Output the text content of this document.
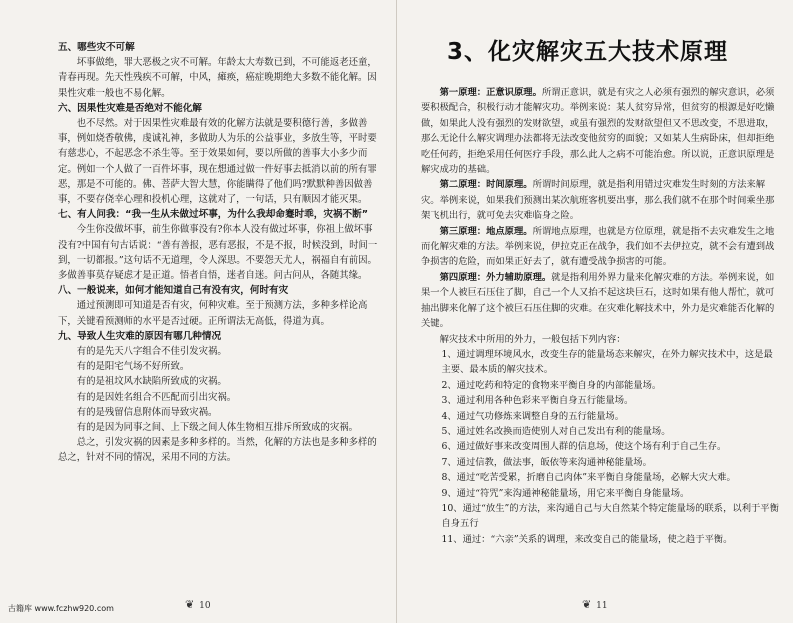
五、哪些灾不可解

坏事做绝，罪大恶极之灾不可解。年龄太大寿数已到，不可能返老还童，青春再现。先天性残疾不可解，中风，瘫痪，癌症晚期绝大多数不能化解。因果性灾难一般也不易化解。

六、因果性灾难是否绝对不能化解

也不尽然。对于因果性灾难最有效的化解方法就是要积德行善，多做善事，例如烧香敬佛，虔诚礼神，多做助人为乐的公益事业，多放生等，平时要有慈悲心，不起恶念不杀生等。至于效果如何，要以所做的善事大小多少而定。例如一个人做了一百件坏事，现在想通过做一件好事去抵消以前的所有罪恶，那是不可能的。佛、菩萨大智大慧，你能瞒得了他们吗?默默种善因做善事，不要存侥幸心理和投机心理，这就对了，一句话，只有顺因才能灭果。

七、有人问我：“我一生从未做过坏事，为什么我却命蹇时乖，灾祸不断”

今生你没做坏事，前生你做事没有?你本人没有做过坏事，你祖上做坏事没有?中国有句古话说：“善有善报，恶有恶报，不是不报，时候没到，时间一到，一切都报。”这句话不无道理，令人深思。不要怨天尤人，祸福自有前因。多做善事莫存疑虑才是正道。悟者自悟，迷者自迷。问古问从，各随其缘。

八、一般说来，如何才能知道自己有没有灾，何时有灾

通过预测即可知道是否有灾，何种灾难。至于预测方法，多种多样论高下，关键看预测师的水平是否过硬。正所谓法无高低，得道为真。

九、导致人生灾难的原因有哪几种情况

有的是先天八字组合不佳引发灾祸。

有的是阳宅气场不好所致。

有的是祖坟风水缺陷所致成的灾祸。

有的是因姓名组合不匹配而引出灾祸。

有的是残留信息附体而导致灾祸。

有的是因为同事之间、上下级之间人体生物相互排斥所致成的灾祸。

总之，引发灾祸的因素是多种多样的。当然，化解的方法也是多种多样的总之，针对不同的情况，采用不同的方法。

古籍库 www.fczhw920.com	❦ 10
3、化灾解灾五大技术原理

第一原理：正意识原理。所谓正意识，就是有灾之人必须有强烈的解灾意识，必须要积极配合，积极行动才能解灾功。举例来说：某人贫穷异常，但贫穷的根源是好吃懒做，如果此人没有强烈的发财欲望，或虽有强烈的发财欲望但又不思改变，不思进取，那么无论什么解灾调理办法都将无法改变他贫穷的面貌；又如某人生病卧床，但却拒绝吃任何药，拒绝采用任何医疗手段，那么此人之病不可能治愈。所以说，正意识原理是解灾成功的基础。

第二原理：时间原理。所谓时间原理，就是指利用错过灾难发生时刻的方法来解灾。举例来说，如果我们预测出某次航班客机要出事，那么我们就不在那个时间乘坐那架飞机出行，就可免去灾难临身之险。

第三原理：地点原理。所谓地点原理，也就是方位原理，就是指不去灾难发生之地而化解灾难的方法。举例来说，伊拉克正在战争，我们如不去伊拉克，就不会有遭到战争损害的危险，而如果正好去了，就有遭受战争损害的可能。

第四原理：外力辅助原理。就是指利用外界力量来化解灾难的方法。举例来说，如果一个人被巨石压住了脚，自己一个人又抬不起这块巨石，这时如果有他人帮忙，就可抽出脚来化解了这个被巨石压住脚的灾难。在灾难化解技术中，外力是灾难能否化解的关键。

解灾技术中所用的外力，一般包括下列内容：

1、通过调理环境风水，改变生存的能量场态来解灾，在外力解灾技术中，这是最主要、最本质的解灾技术。

2、通过吃药和特定的食物来平衡自身的内部能量场。

3、通过利用各种色彩来平衡自身五行能量场。

4、通过气功修炼来调整自身的五行能量场。

5、通过姓名改换而造使别人对自己发出有利的能量场。

6、通过做好事来改变周围人群的信息场，使这个场有利于自己生存。

7、通过信教，做法事，皈依等来沟通神秘能量场。

8、通过“吃苦受累，折磨自己肉体”来平衡自身能量场，必解大灾大难。

9、通过“符咒”来沟通神秘能量场，用它来平衡自身能量场。

10、通过“放生”的方法，来沟通自己与大自然某个特定能量场的联系，以利于平衡自身五行

11、通过：“六亲”关系的调理，来改变自己的能量场，使之趋于平衡。

❦ 11
